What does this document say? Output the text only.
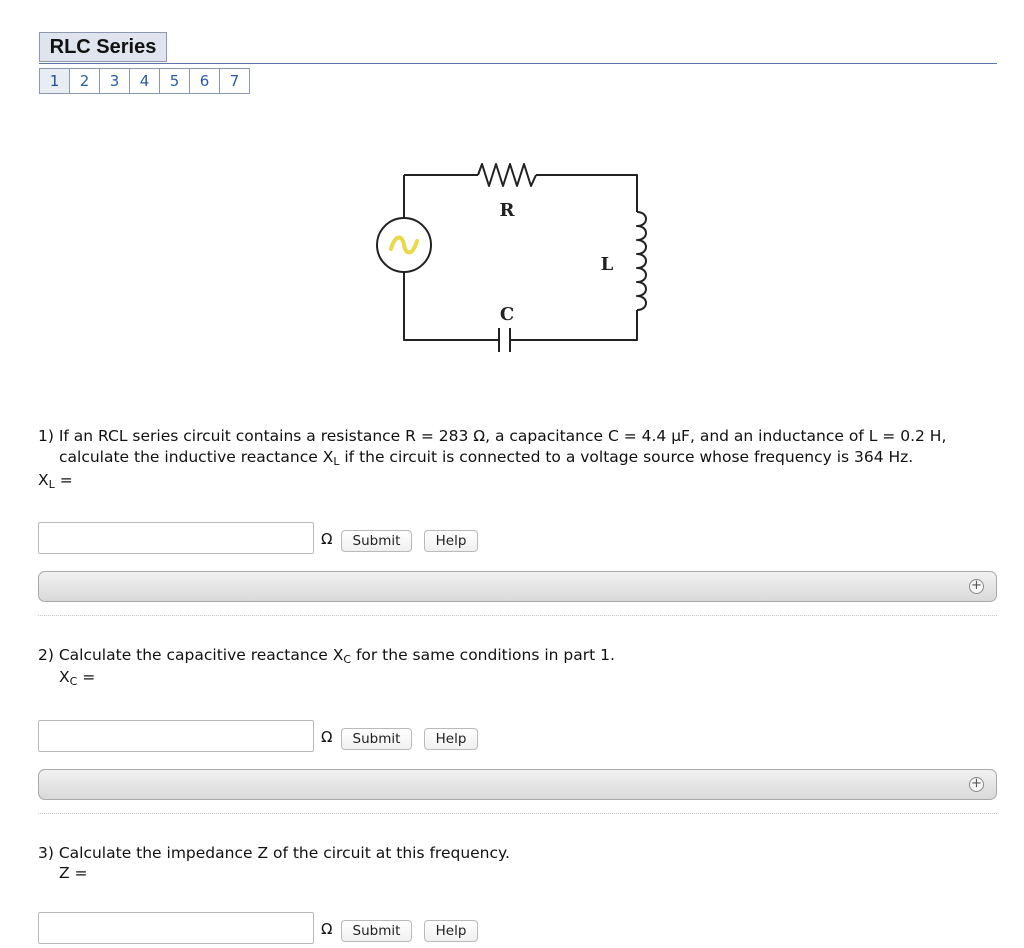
RLC Series
1	2	3	4	5	6	7
R
L
C
1) If an RCL series circuit contains a resistance R = 283 Ω, a capacitance C = 4.4 μF, and an inductance of L = 0.2 H,
calculate the inductive reactance $X_L$ if the circuit is connected to a voltage source whose frequency is 364 Hz.
$X_L$ =
Ω	Submit	Help
+
2) Calculate the capacitive reactance $X_C$ for the same conditions in part 1.
$X_C$ =
Ω	Submit	Help
+
3) Calculate the impedance Z of the circuit at this frequency.
Z =
Ω	Submit	Help
